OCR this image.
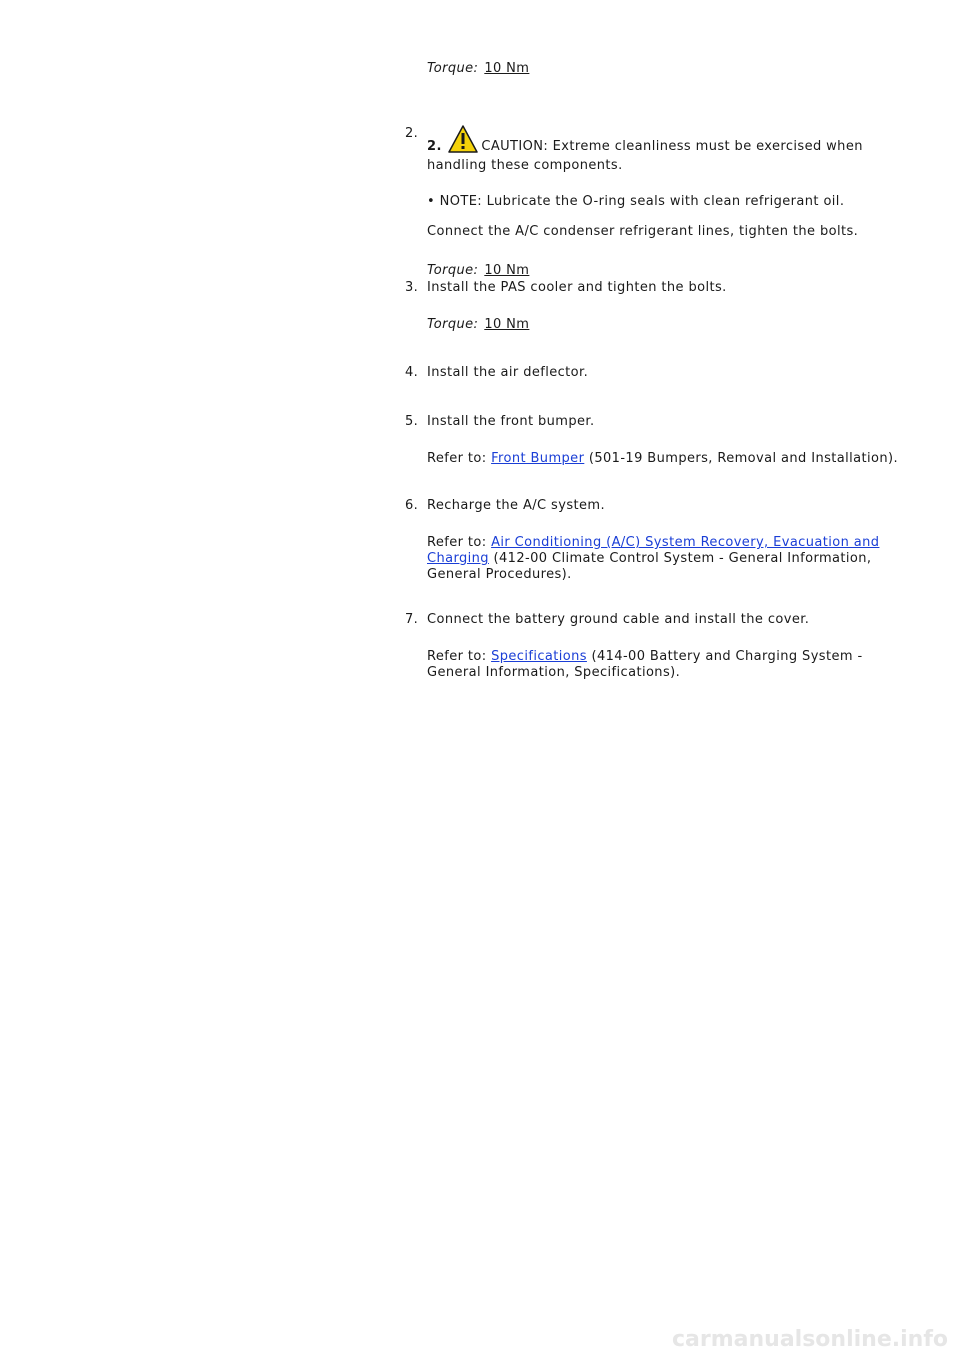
Torque: 10 Nm
2.
2.	CAUTION: Extreme cleanliness must be exercised when

handling these components.

• NOTE: Lubricate the O-ring seals with clean refrigerant oil.

Connect the A/C condenser refrigerant lines, tighten the bolts.

Torque: 10 Nm

3. Install the PAS cooler and tighten the bolts.

Torque: 10 Nm

4. Install the air deflector.

5. Install the front bumper.

Refer to: Front Bumper (501-19 Bumpers, Removal and Installation).

6. Recharge the A/C system.

Refer to: Air Conditioning (A/C) System Recovery, Evacuation and

Charging (412-00 Climate Control System - General Information,

General Procedures).

7. Connect the battery ground cable and install the cover.

Refer to: Specifications (414-00 Battery and Charging System -

General Information, Specifications).

carmanualsonline.info
